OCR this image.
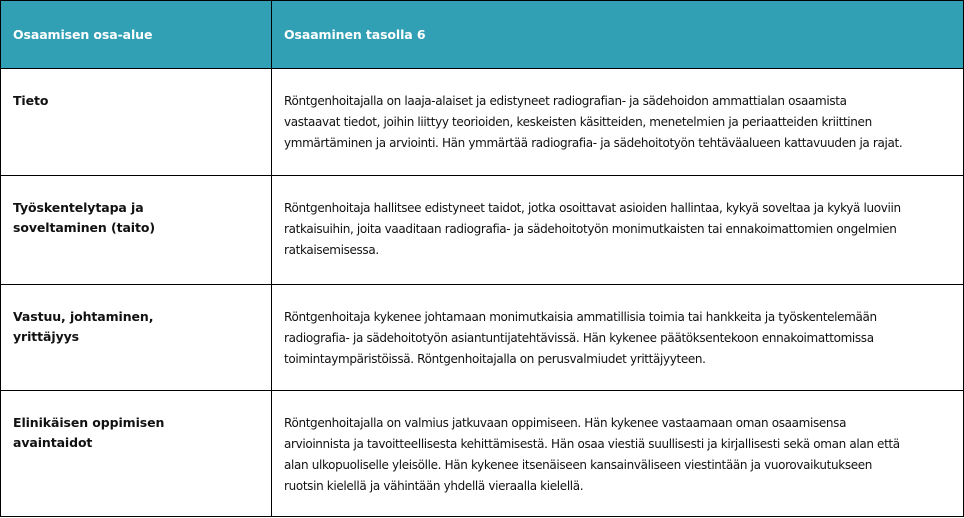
Osaamisen osa-alue	Osaaminen tasolla 6

Tieto	Röntgenhoitajalla on laaja-alaiset ja edistyneet radiografian- ja sädehoidon ammattialan osaamista
vastaavat tiedot, joihin liittyy teorioiden, keskeisten käsitteiden, menetelmien ja periaatteiden kriittinen
ymmärtäminen ja arviointi. Hän ymmärtää radiografia- ja sädehoitotyön tehtäväalueen kattavuuden ja rajat.

Työskentelytapa ja
soveltaminen (taito)	Röntgenhoitaja hallitsee edistyneet taidot, jotka osoittavat asioiden hallintaa, kykyä soveltaa ja kykyä luoviin
ratkaisuihin, joita vaaditaan radiografia- ja sädehoitotyön monimutkaisten tai ennakoimattomien ongelmien
ratkaisemisessa.

Vastuu, johtaminen,
yrittäjyys	Röntgenhoitaja kykenee johtamaan monimutkaisia ammatillisia toimia tai hankkeita ja työskentelemään
radiografia- ja sädehoitotyön asiantuntijatehtävissä. Hän kykenee päätöksentekoon ennakoimattomissa
toimintaympäristöissä. Röntgenhoitajalla on perusvalmiudet yrittäjyyteen.

Elinikäisen oppimisen
avaintaidot	Röntgenhoitajalla on valmius jatkuvaan oppimiseen. Hän kykenee vastaamaan oman osaamisensa
arvioinnista ja tavoitteellisesta kehittämisestä. Hän osaa viestiä suullisesti ja kirjallisesti sekä oman alan että
alan ulkopuoliselle yleisölle. Hän kykenee itsenäiseen kansainväliseen viestintään ja vuorovaikutukseen
ruotsin kielellä ja vähintään yhdellä vieraalla kielellä.
